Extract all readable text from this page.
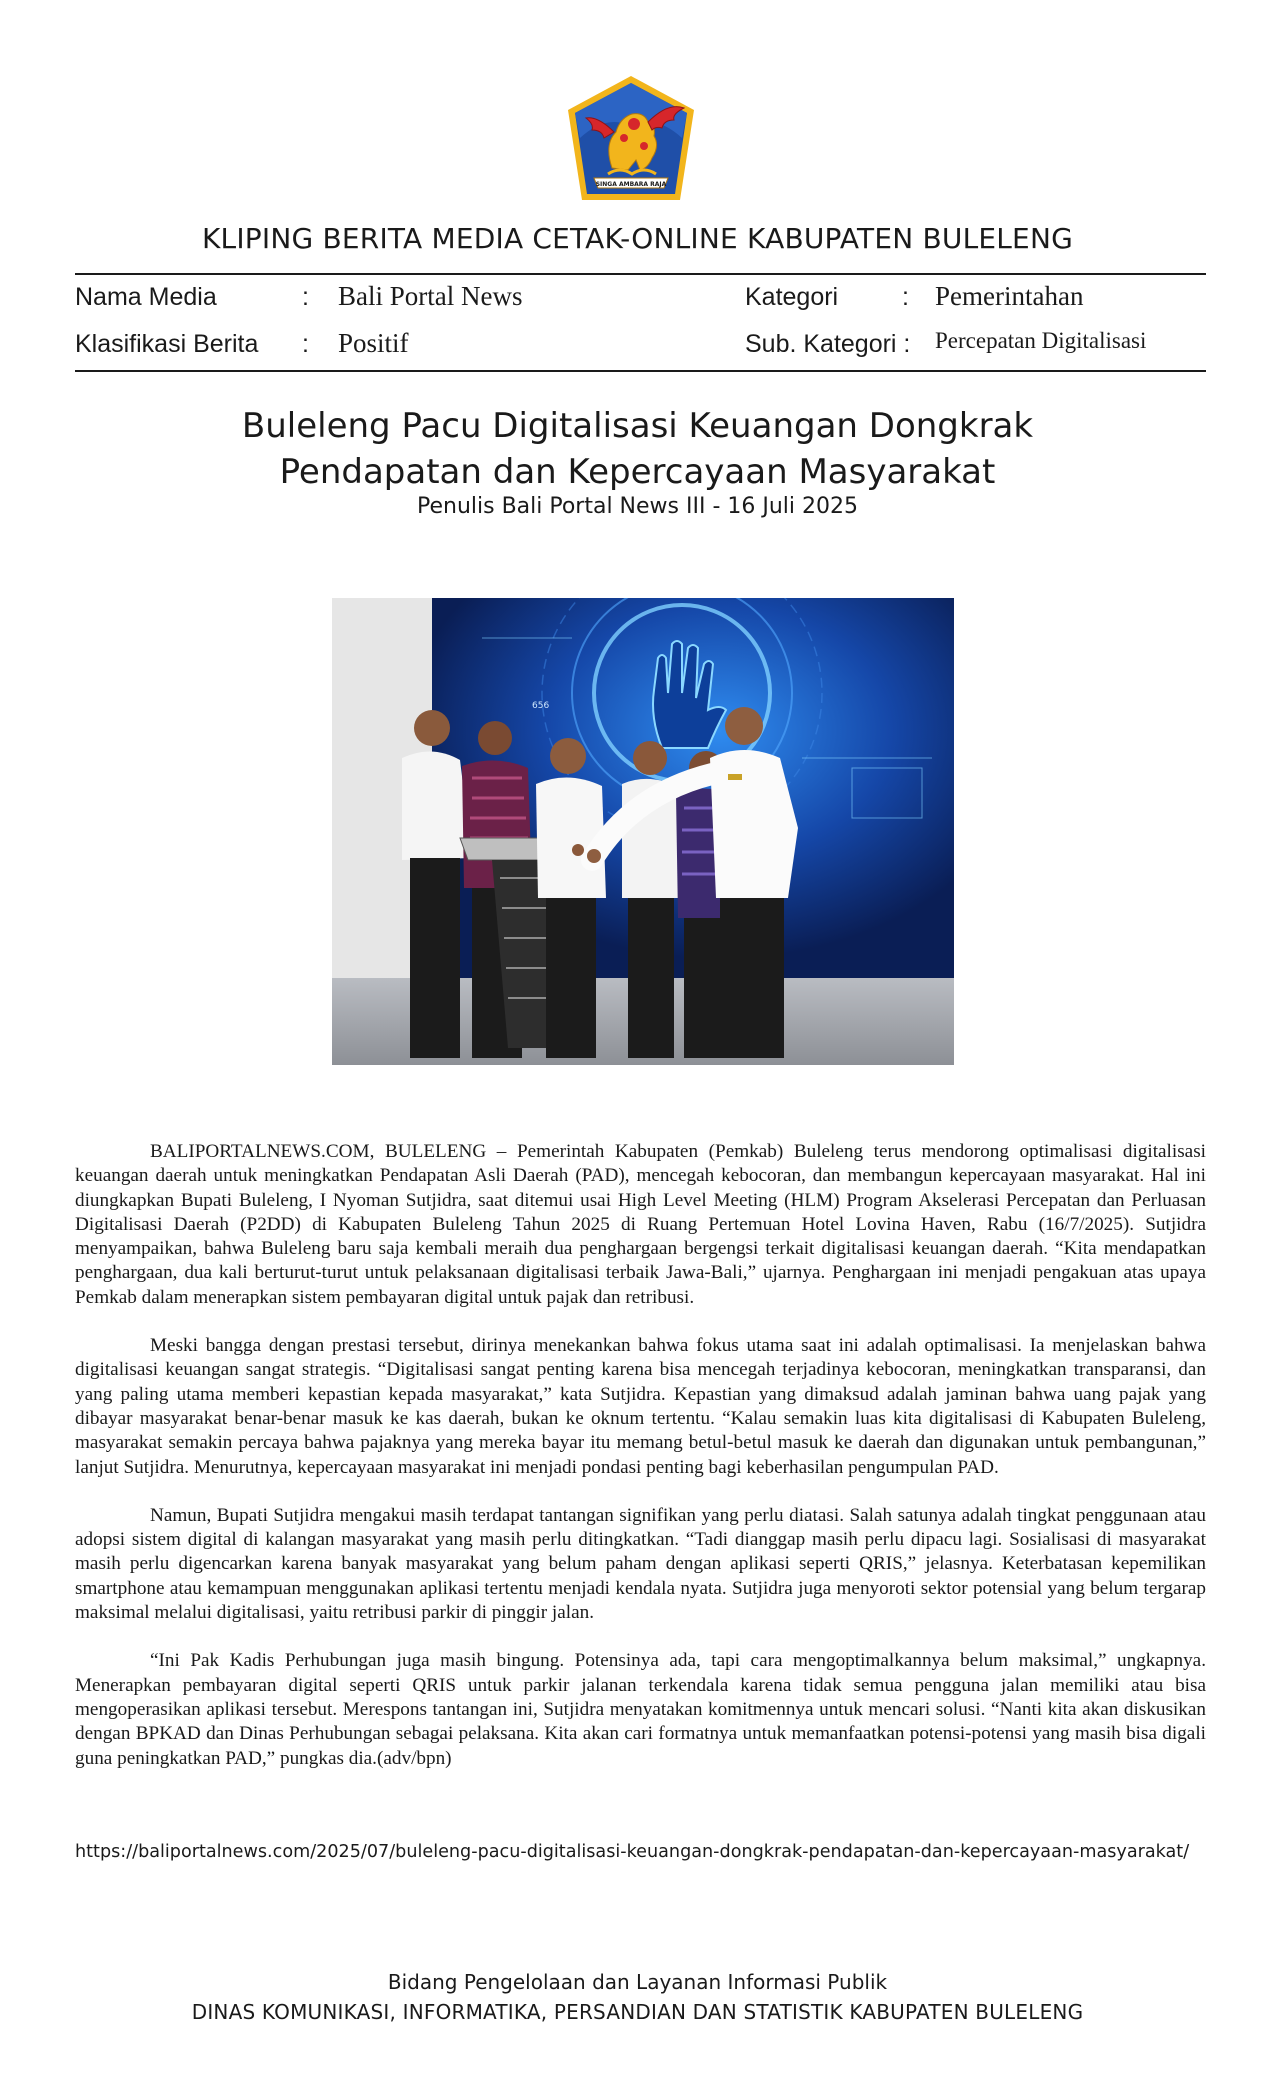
SINGA AMBARA RAJA
KLIPING BERITA MEDIA CETAK-ONLINE KABUPATEN BULELENG
Nama Media	: Bali Portal News
Klasifikasi Berita : Positif
Kategori	: Pemerintahan
Sub. Kategori : Percepatan Digitalisasi
Buleleng Pacu Digitalisasi Keuangan Dongkrak
Pendapatan dan Kepercayaan Masyarakat
Penulis Bali Portal News III - 16 Juli 2025
656

BALIPORTALNEWS.COM, BULELENG – Pemerintah Kabupaten (Pemkab) Buleleng terus mendorong optimalisasi digitalisasi keuangan daerah untuk meningkatkan Pendapatan Asli Daerah (PAD), mencegah kebocoran, dan membangun kepercayaan masyarakat. Hal ini diungkapkan Bupati Buleleng, I Nyoman Sutjidra, saat ditemui usai High Level Meeting (HLM) Program Akselerasi Percepatan dan Perluasan Digitalisasi Daerah (P2DD) di Kabupaten Buleleng Tahun 2025 di Ruang Pertemuan Hotel Lovina Haven, Rabu (16/7/2025). Sutjidra menyampaikan, bahwa Buleleng baru saja kembali meraih dua penghargaan bergengsi terkait digitalisasi keuangan daerah. “Kita mendapatkan penghargaan, dua kali berturut-turut untuk pelaksanaan digitalisasi terbaik Jawa-Bali,” ujarnya. Penghargaan ini menjadi pengakuan atas upaya Pemkab dalam menerapkan sistem pembayaran digital untuk pajak dan retribusi.

Meski bangga dengan prestasi tersebut, dirinya menekankan bahwa fokus utama saat ini adalah optimalisasi. Ia menjelaskan bahwa digitalisasi keuangan sangat strategis. “Digitalisasi sangat penting karena bisa mencegah terjadinya kebocoran, meningkatkan transparansi, dan yang paling utama memberi kepastian kepada masyarakat,” kata Sutjidra. Kepastian yang dimaksud adalah jaminan bahwa uang pajak yang dibayar masyarakat benar-benar masuk ke kas daerah, bukan ke oknum tertentu. “Kalau semakin luas kita digitalisasi di Kabupaten Buleleng, masyarakat semakin percaya bahwa pajaknya yang mereka bayar itu memang betul-betul masuk ke daerah dan digunakan untuk pembangunan,” lanjut Sutjidra. Menurutnya, kepercayaan masyarakat ini menjadi pondasi penting bagi keberhasilan pengumpulan PAD.

Namun, Bupati Sutjidra mengakui masih terdapat tantangan signifikan yang perlu diatasi. Salah satunya adalah tingkat penggunaan atau adopsi sistem digital di kalangan masyarakat yang masih perlu ditingkatkan. “Tadi dianggap masih perlu dipacu lagi. Sosialisasi di masyarakat masih perlu digencarkan karena banyak masyarakat yang belum paham dengan aplikasi seperti QRIS,” jelasnya. Keterbatasan kepemilikan smartphone atau kemampuan menggunakan aplikasi tertentu menjadi kendala nyata. Sutjidra juga menyoroti sektor potensial yang belum tergarap maksimal melalui digitalisasi, yaitu retribusi parkir di pinggir jalan.

“Ini Pak Kadis Perhubungan juga masih bingung. Potensinya ada, tapi cara mengoptimalkannya belum maksimal,” ungkapnya. Menerapkan pembayaran digital seperti QRIS untuk parkir jalanan terkendala karena tidak semua pengguna jalan memiliki atau bisa mengoperasikan aplikasi tersebut. Merespons tantangan ini, Sutjidra menyatakan komitmennya untuk mencari solusi. “Nanti kita akan diskusikan dengan BPKAD dan Dinas Perhubungan sebagai pelaksana. Kita akan cari formatnya untuk memanfaatkan potensi-potensi yang masih bisa digali guna peningkatkan PAD,” pungkas dia.(adv/bpn)

https://baliportalnews.com/2025/07/buleleng-pacu-digitalisasi-keuangan-dongkrak-pendapatan-dan-kepercayaan-masyarakat/
Bidang Pengelolaan dan Layanan Informasi Publik
DINAS KOMUNIKASI, INFORMATIKA, PERSANDIAN DAN STATISTIK KABUPATEN BULELENG
